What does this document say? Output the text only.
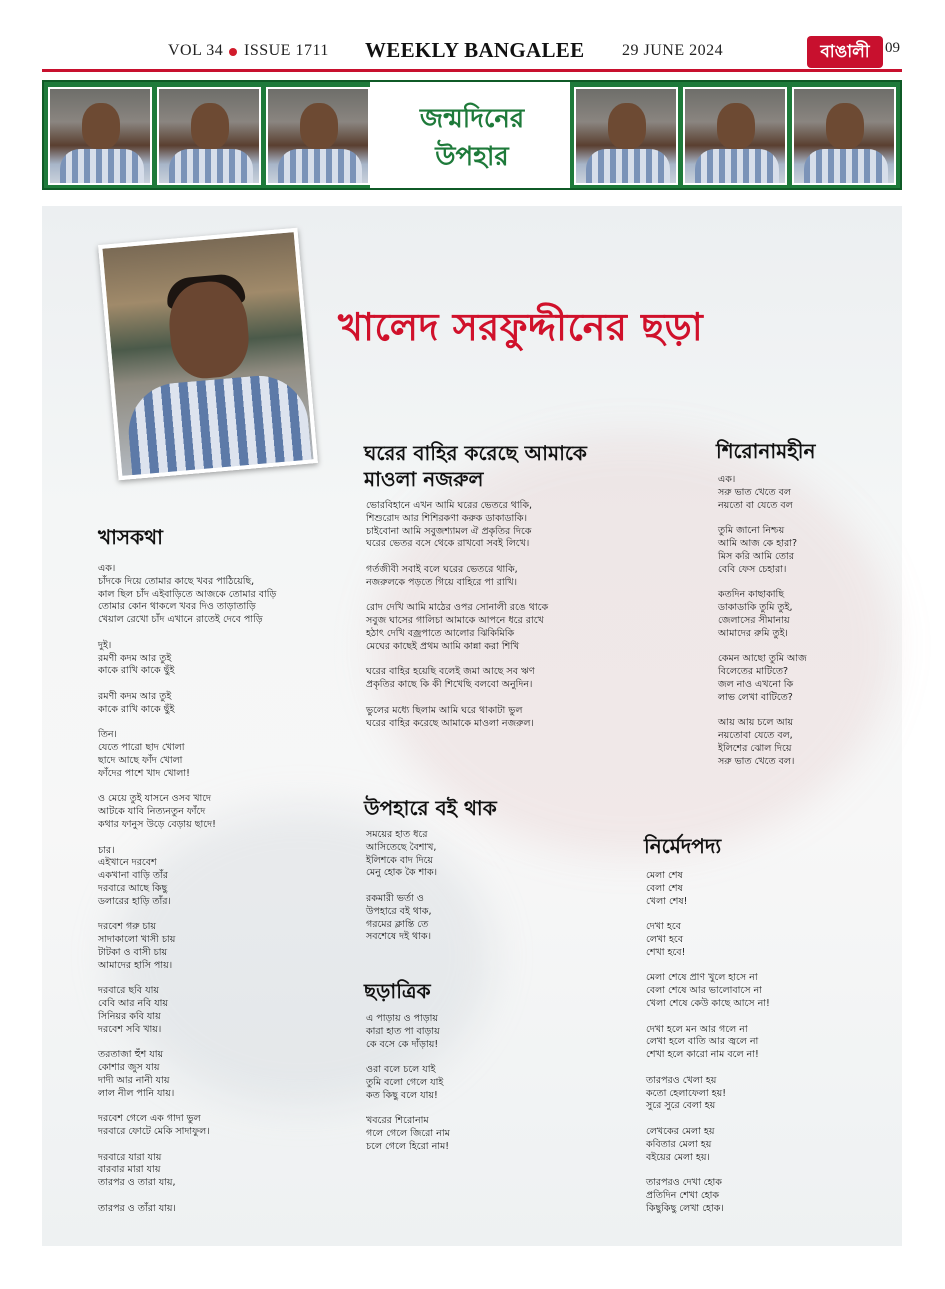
VOL 34 ISSUE 1711 WEEKLY BANGALEE 29 JUNE 2024	বাঙালী	09
জন্মদিনের
উপহার
খালেদ সরফুদ্দীনের ছড়া
ঘরের বাহির করেছে আমাকে
মাওলা নজরুল
ভোরবিহানে এখন আমি ঘরের ভেতরে থাকি,
শিশুরোদ আর শিশিরকণা করুক ডাকাডাকি।
চাইবোনা আমি সবুজশ্যামল ঐ প্রকৃতির দিকে
ঘরের ভেতর বসে থেকে রাখবো সবই লিখে।

গর্তজীবী সবাই বলে ঘরের ভেতরে থাকি,
নজরুলকে পড়তে গিয়ে বাহিরে পা রাখি।

রোদ দেখি আমি মাঠের ওপর সোনালী রঙে থাকে
সবুজ ঘাসের গালিচা আমাকে আপনে ধরে রাখে
হঠাৎ দেখি বজ্রপাতে আলোর ঝিকিমিকি
মেঘের কাছেই প্রথম আমি কান্না করা শিখি

ঘরের বাহির হয়েছি বলেই জমা আছে সব ঋণ
প্রকৃতির কাছে কি কী শিখেছি বলবো অনুদিন।

ভুলের মধ্যে ছিলাম আমি ঘরে থাকাটা ভুল
ঘরের বাহির করেছে আমাকে মাওলা নজরুল।
শিরোনামহীন
এক।
সরু ভাত খেতে বল
নয়তো বা যেতে বল

তুমি জানো নিশ্চয়
আমি আজ কে হারা?
মিস করি আমি তোর
বেবি ফেস চেহারা।

কতদিন কাছাকাছি
ডাকাডাকি তুমি তুই,
জেলাসের সীমানায়
আমাদের রুমি তুই।

কেমন আছো তুমি আজ
বিলেতের মাটিতে?
জল নাও এখনো কি
লাভ লেখা বাটিতে?

আয় আয় চলে আয়
নয়তোবা যেতে বল,
ইলিশের ঝোল দিয়ে
সরু ভাত খেতে বল।
খাসকথা
এক।
চাঁদকে দিয়ে তোমার কাছে খবর পাঠিয়েছি,
কাল ছিল চাঁদ এইবাড়িতে আজকে তোমার বাড়ি
তোমার কোন থাকলে খবর দিও তাড়াতাড়ি
খেয়াল রেখো চাঁদ এখানে রাতেই দেবে পাড়ি

দুই।
রমণী কদম আর তুই
কাকে রাখি কাকে ছুঁই

রমণী কদম আর তুই
কাকে রাখি কাকে ছুঁই

তিন।
যেতে পারো ছাদ খোলা
ছাদে আছে ফাঁদ খোলা
ফাঁদের পাশে খাদ খোলা!

ও মেয়ে তুই যাসনে ওসব খাদে
আটকে যাবি নিত্যনতুন ফাঁদে
কথার ফানুস উড়ে বেড়ায় ছাদে!

চার।
এইখানে দরবেশ
একখানা বাড়ি তাঁর
দরবারে আছে কিছু
ডলারের হাড়ি তাঁর।

দরবেশ গরু চায়
সাদাকালো খাসী চায়
টাটকা ও বাসী চায়
আমাদের হাসি পায়।

দরবারে ছবি যায়
বেবি আর নবি যায়
সিনিয়র কবি যায়
দরবেশ সবি খায়।

তরতাজা হুঁশ যায়
কোশার জুস যায়
দাদী আর নানী যায়
লাল নীল পানি যায়।

দরবেশ গেলে এক গাদা ভুল
দরবারে ফোটে মেকি সাদাফুল।

দরবারে যারা যায়
বারবার মারা যায়
তারপর ও তারা যায়,

তারপর ও তাঁরা যায়।
উপহারে বই থাক
সময়ের হাত ধরে
আসিতেছে বৈশাখ,
ইলিশকে বাদ দিয়ে
মেনু হোক কৈ শাক।

রকমারী ভর্তা ও
উপহারে বই থাক,
গরমের ক্লান্তি তে
সবশেষে দই থাক।
নির্মেদপদ্য
মেলা শেষ
বেলা শেষ
খেলা শেষ!

দেখা হবে
লেখা হবে
শেখা হবে!

মেলা শেষে প্রাণ খুলে হাসে না
বেলা শেষে আর ভালোবাসে না
খেলা শেষে কেউ কাছে আসে না!

দেখা হলে মন আর গলে না
লেখা হলে বাতি আর জ্বলে না
শেখা হলে কারো নাম বলে না!

তারপরও খেলা হয়
কতো হেলাফেলা হয়!
সুরে সুরে বেলা হয়

লেখকের মেলা হয়
কবিতার মেলা হয়
বইয়ের মেলা হয়।

তারপরও দেখা হোক
প্রতিদিন শেখা হোক
কিছুকিছু লেখা হোক।
ছড়াত্রিক
এ পাড়ায় ও পাড়ায়
কারা হাত পা বাড়ায়
কে বসে কে দাঁড়ায়!

ওরা বলে চলে যাই
তুমি বলো গেলে যাই
কত কিছু বলে যায়!

খবরের শিরোনাম
গলে গেলে জিরো নাম
চলে গেলে হিরো নাম!
